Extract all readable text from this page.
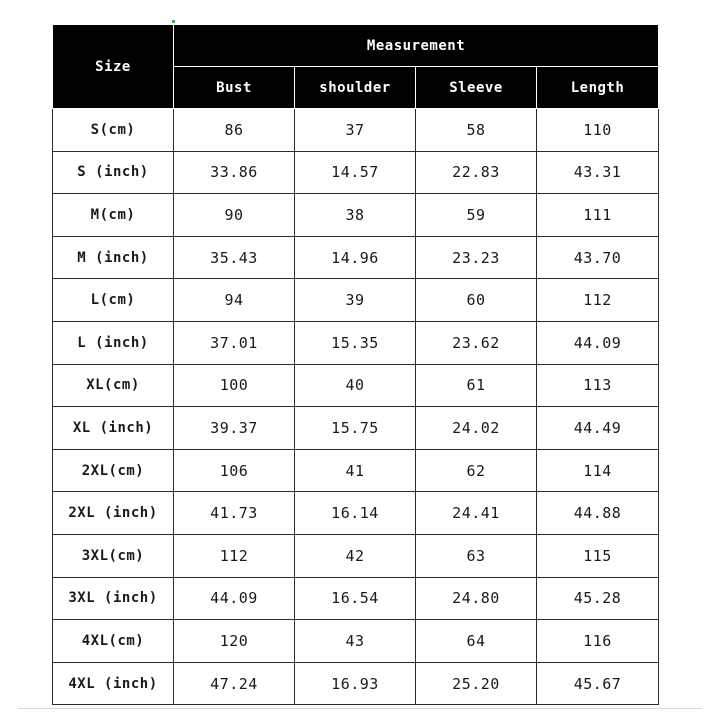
Size	Measurement			
	Bust	shoulder	Sleeve	Length
S(cm)	86	37	58	110
S (inch)	33.86	14.57	22.83	43.31
M(cm)	90	38	59	111
M (inch)	35.43	14.96	23.23	43.70
L(cm)	94	39	60	112
L (inch)	37.01	15.35	23.62	44.09
XL(cm)	100	40	61	113
XL (inch)	39.37	15.75	24.02	44.49
2XL(cm)	106	41	62	114
2XL (inch)	41.73	16.14	24.41	44.88
3XL(cm)	112	42	63	115
3XL (inch)	44.09	16.54	24.80	45.28
4XL(cm)	120	43	64	116
4XL (inch)	47.24	16.93	25.20	45.67
